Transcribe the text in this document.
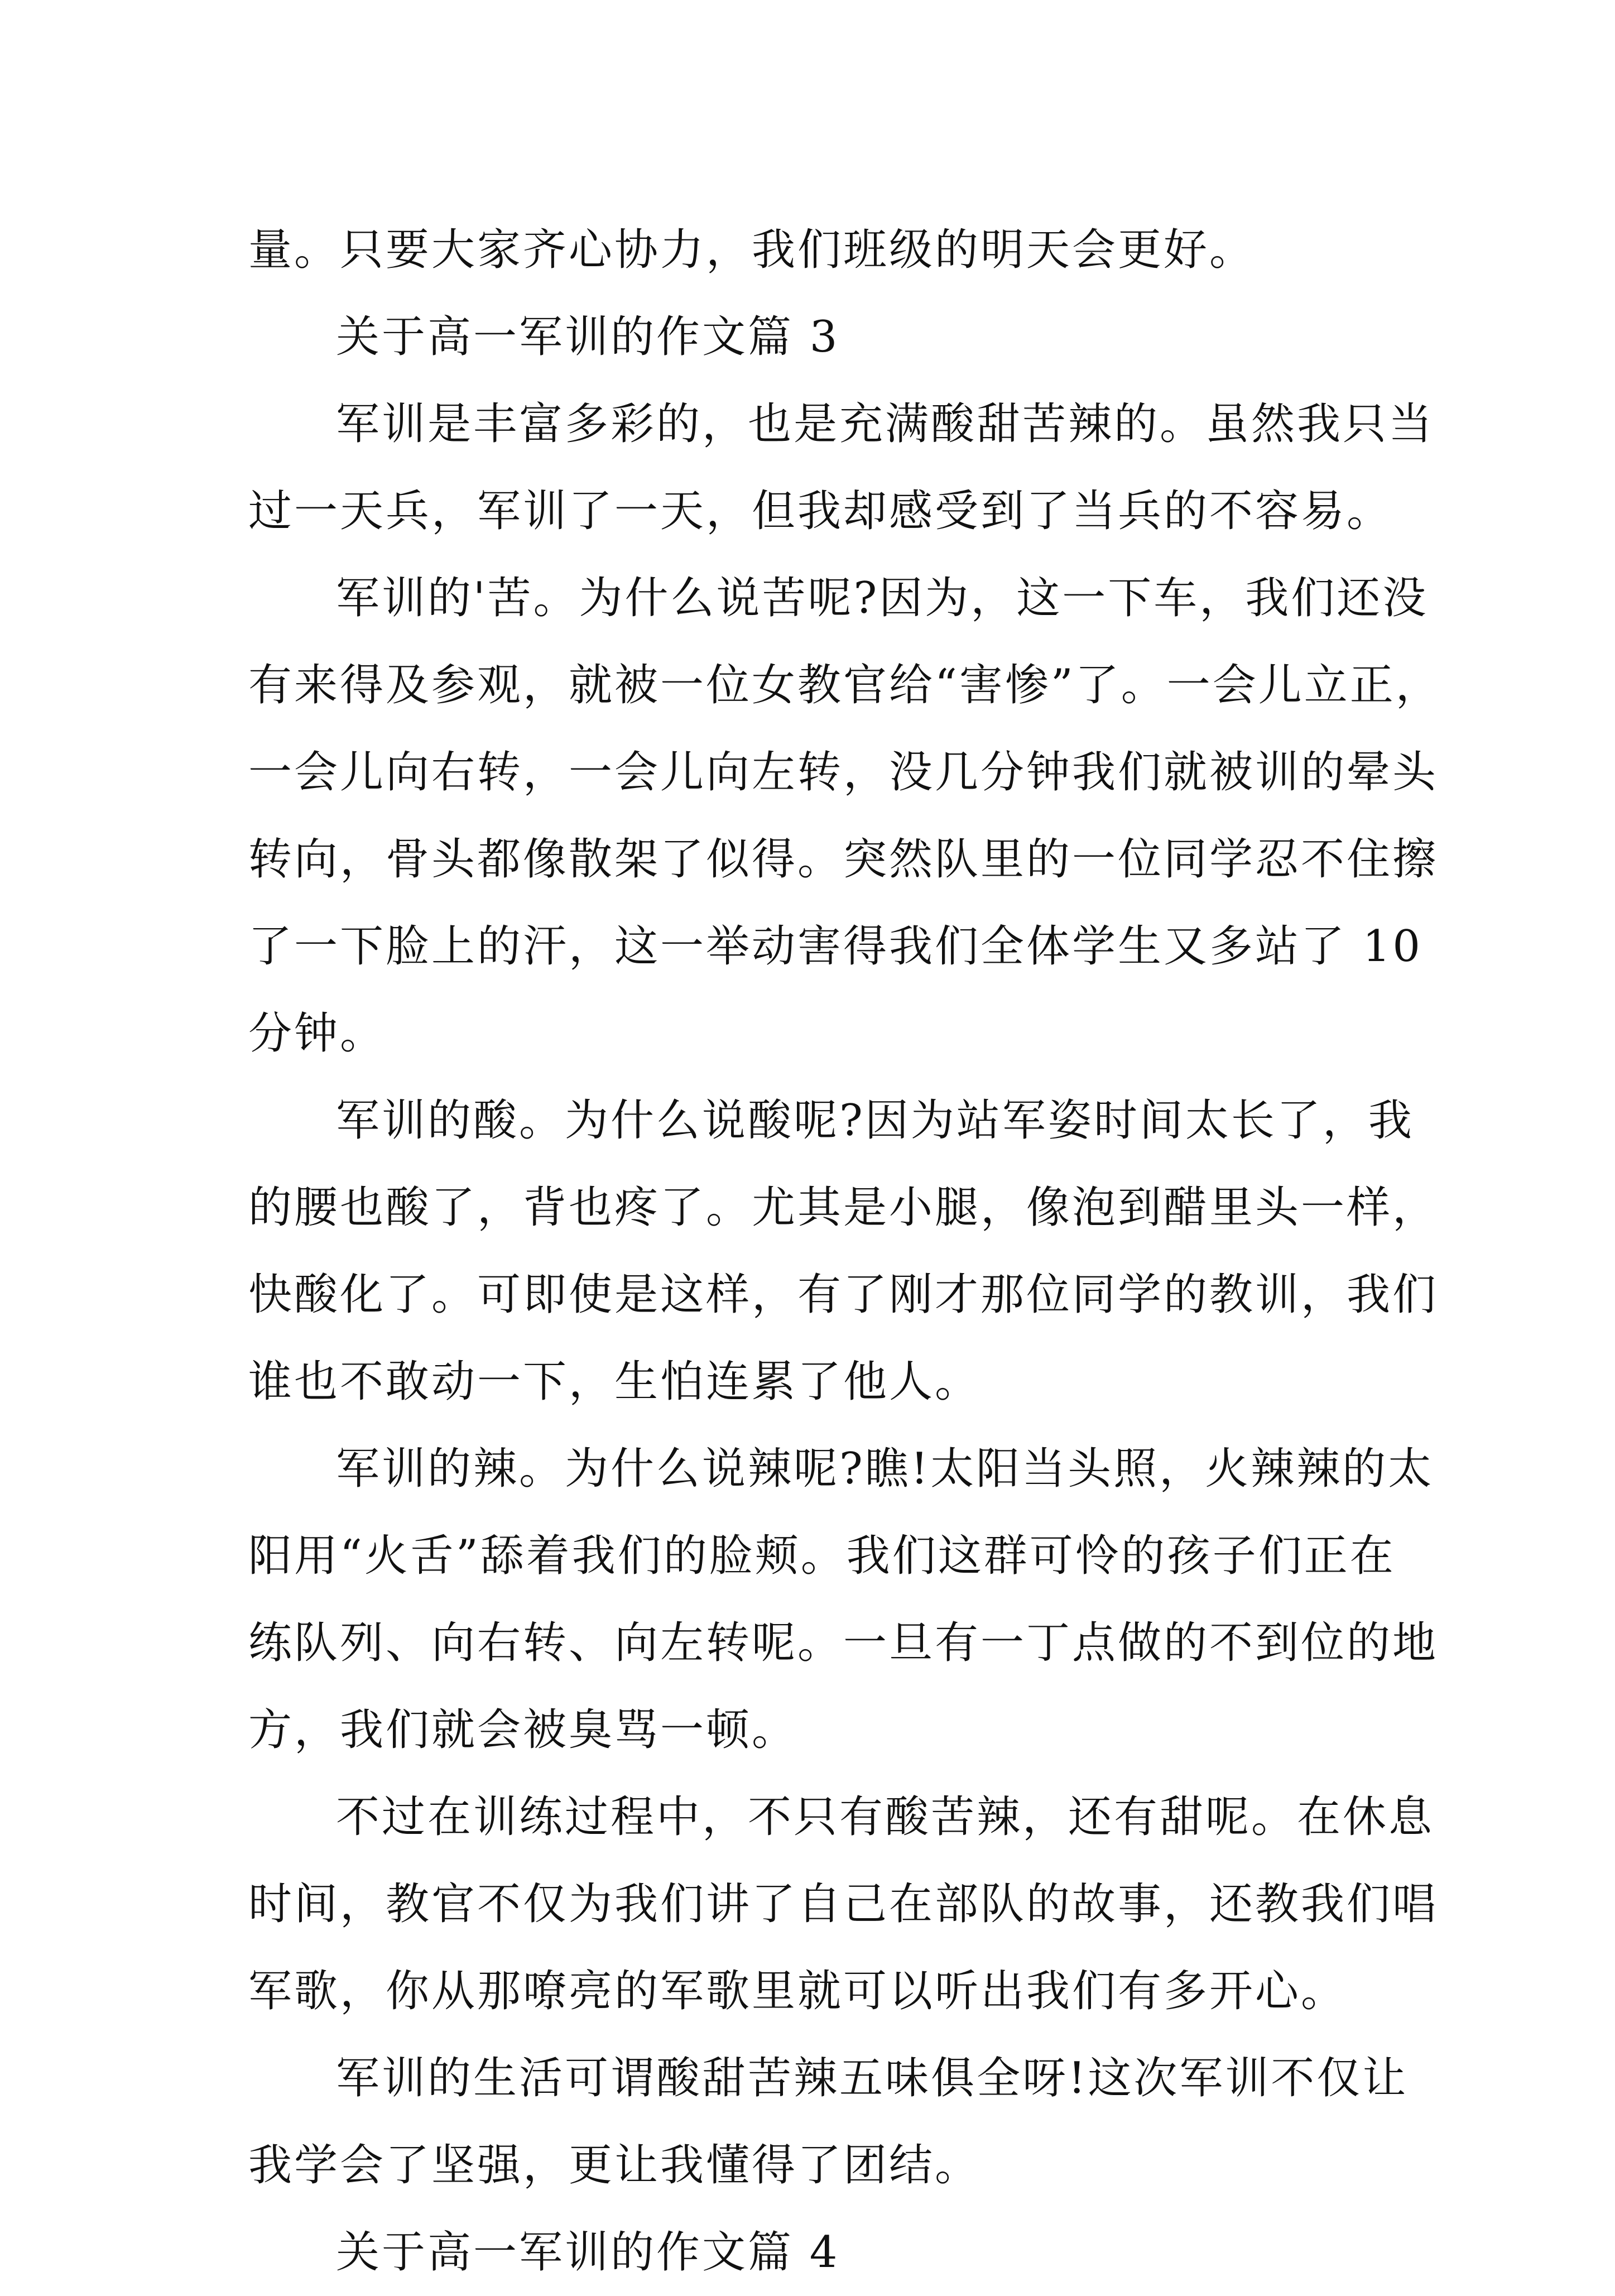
量。只要大家齐心协力，我们班级的明天会更好。
关于高一军训的作文篇 3
军训是丰富多彩的，也是充满酸甜苦辣的。虽然我只当
过一天兵，军训了一天，但我却感受到了当兵的不容易。
军训的'苦。为什么说苦呢?因为，这一下车，我们还没
有来得及参观，就被一位女教官给“害惨”了。一会儿立正，
一会儿向右转，一会儿向左转，没几分钟我们就被训的晕头
转向，骨头都像散架了似得。突然队里的一位同学忍不住擦
了一下脸上的汗，这一举动害得我们全体学生又多站了 10
分钟。
军训的酸。为什么说酸呢?因为站军姿时间太长了，我
的腰也酸了，背也疼了。尤其是小腿，像泡到醋里头一样，
快酸化了。可即使是这样，有了刚才那位同学的教训，我们
谁也不敢动一下，生怕连累了他人。
军训的辣。为什么说辣呢?瞧!太阳当头照，火辣辣的太
阳用“火舌”舔着我们的脸颊。我们这群可怜的孩子们正在
练队列、向右转、向左转呢。一旦有一丁点做的不到位的地
方，我们就会被臭骂一顿。
不过在训练过程中，不只有酸苦辣，还有甜呢。在休息
时间，教官不仅为我们讲了自己在部队的故事，还教我们唱
军歌，你从那嘹亮的军歌里就可以听出我们有多开心。
军训的生活可谓酸甜苦辣五味俱全呀!这次军训不仅让
我学会了坚强，更让我懂得了团结。
关于高一军训的作文篇 4
